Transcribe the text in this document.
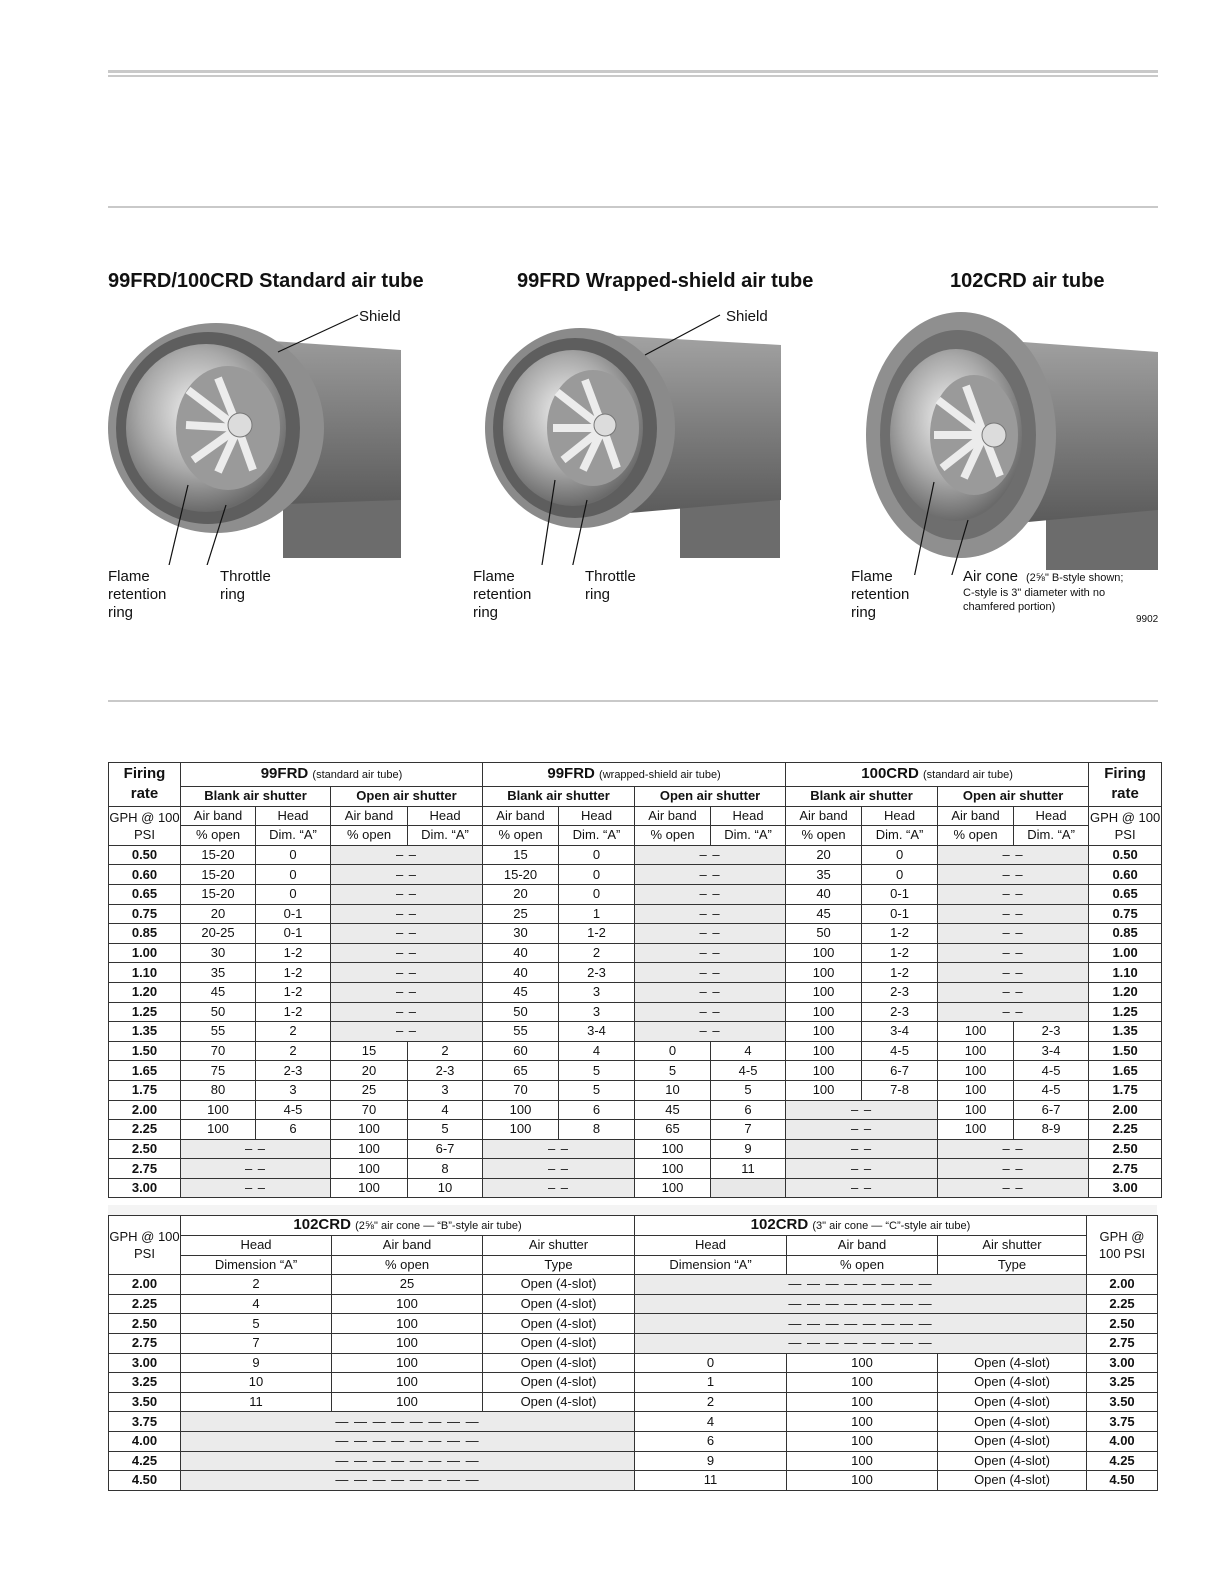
99FRD/100CRD Standard air tube	99FRD Wrapped-shield air tube	102CRD air tube
Shield
Flame retention ring
Throttle ring
Shield
Flame retention ring
Throttle ring
Flame retention ring
Air cone (2⅝" B-style shown;
C-style is 3" diameter with no
chamfered portion)
9902
Firing rate	99FRD (standard air tube)				99FRD (wrapped-shield air tube)				100CRD (standard air tube)				Firing rate
	Blank air shutter		Open air shutter		Blank air shutter		Open air shutter		Blank air shutter		Open air shutter		
GPH @ 100 PSI	Air band	Head	Air band	Head	Air band	Head	Air band	Head	Air band	Head	Air band	Head	GPH @ 100 PSI
	% open	Dim. “A”	% open	Dim. “A”	% open	Dim. “A”	% open	Dim. “A”	% open	Dim. “A”	% open	Dim. “A”	
0.50	15-20	0	– –		15	0	– –		20	0	– –		0.50
0.60	15-20	0	– –		15-20	0	– –		35	0	– –		0.60
0.65	15-20	0	– –		20	0	– –		40	0-1	– –		0.65
0.75	20	0-1	– –		25	1	– –		45	0-1	– –		0.75
0.85	20-25	0-1	– –		30	1-2	– –		50	1-2	– –		0.85
1.00	30	1-2	– –		40	2	– –		100	1-2	– –		1.00
1.10	35	1-2	– –		40	2-3	– –		100	1-2	– –		1.10
1.20	45	1-2	– –		45	3	– –		100	2-3	– –		1.20
1.25	50	1-2	– –		50	3	– –		100	2-3	– –		1.25
1.35	55	2	– –		55	3-4	– –		100	3-4	100	2-3	1.35
1.50	70	2	15	2	60	4	0	4	100	4-5	100	3-4	1.50
1.65	75	2-3	20	2-3	65	5	5	4-5	100	6-7	100	4-5	1.65
1.75	80	3	25	3	70	5	10	5	100	7-8	100	4-5	1.75
2.00	100	4-5	70	4	100	6	45	6	– –		100	6-7	2.00
2.25	100	6	100	5	100	8	65	7	– –		100	8-9	2.25
2.50	– –		100	6-7	– –		100	9	– –		– –		2.50
2.75	– –		100	8	– –		100	11	– –		– –		2.75
3.00	– –		100	10	– –		100		– –		– –		3.00
GPH @ 100 PSI	102CRD (2⅝" air cone — “B”-style air tube)			102CRD (3" air cone — “C”-style air tube)			GPH @ 100 PSI
	Head	Air band	Air shutter	Head	Air band	Air shutter	
	Dimension “A”	% open	Type	Dimension “A”	% open	Type	
2.00	2	25	Open (4-slot)	— — — — — — — —			2.00
2.25	4	100	Open (4-slot)	— — — — — — — —			2.25
2.50	5	100	Open (4-slot)	— — — — — — — —			2.50
2.75	7	100	Open (4-slot)	— — — — — — — —			2.75
3.00	9	100	Open (4-slot)	0	100	Open (4-slot)	3.00
3.25	10	100	Open (4-slot)	1	100	Open (4-slot)	3.25
3.50	11	100	Open (4-slot)	2	100	Open (4-slot)	3.50
3.75	— — — — — — — —			4	100	Open (4-slot)	3.75
4.00	— — — — — — — —			6	100	Open (4-slot)	4.00
4.25	— — — — — — — —			9	100	Open (4-slot)	4.25
4.50	— — — — — — — —			11	100	Open (4-slot)	4.50
